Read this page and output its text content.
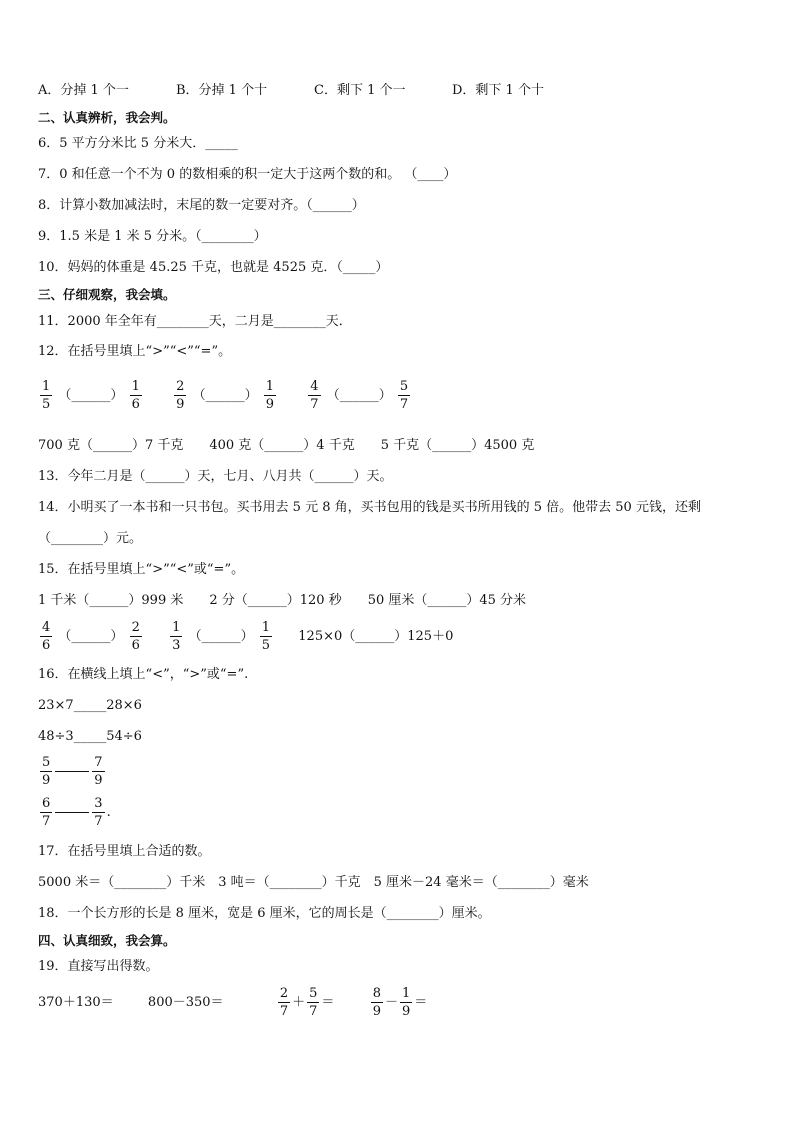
A．分掉 1 个一	B．分掉 1 个十	C．剩下 1 个一	D．剩下 1 个十
二、认真辨析，我会判。
6．5 平方分米比 5 分米大．_____
7．0 和任意一个不为 0 的数相乘的积一定大于这两个数的和。 （____）
8．计算小数加减法时，末尾的数一定要对齐。（______）
9．1.5 米是 1 米 5 分米。（________）
10．妈妈的体重是 45.25 千克，也就是 4525 克．（_____）
三、仔细观察，我会填。
11．2000 年全年有________天，二月是________天．
12．在括号里填上“>”“<”“=”。
$\frac{1}{5}$ （______） $\frac{1}{6}$
$\frac{2}{9}$ （______） $\frac{1}{9}$
$\frac{4}{7}$ （______） $\frac{5}{7}$
700 克（______）7 千克　　400 克（______）4 千克　　5 千克（______）4500 克
13．今年二月是（______）天，七月、八月共（______）天。
14．小明买了一本书和一只书包。买书用去 5 元 8 角，买书包用的钱是买书所用钱的 5 倍。他带去 50 元钱，还剩
（________）元。
15．在括号里填上“>”“<”或“=”。
1 千米（______）999 米　　2 分（______）120 秒　　50 厘米（______）45 分米
$\frac{4}{6}$ （______） $\frac{2}{6}$
$\frac{1}{3}$ （______） $\frac{1}{5}$ 125×0（______）125＋0
16．在横线上填上“<”，“>”或“=”.
23×7_____28×6
48÷3_____54÷6
$\frac{5}{9}$	$\frac{7}{9}$
$\frac{6}{7}$	$\frac{3}{7}$ .
17．在括号里填上合适的数。
5000 米＝（________）千米　3 吨＝（________）千克　5 厘米－24 毫米＝（________）毫米
18．一个长方形的长是 8 厘米，宽是 6 厘米，它的周长是（________）厘米。
四、认真细致，我会算。
19．直接写出得数。
370＋130＝	800－350＝	$\frac{2}{7} + \frac{5}{7}$ ＝	$\frac{8}{9} - \frac{1}{9}$ ＝
